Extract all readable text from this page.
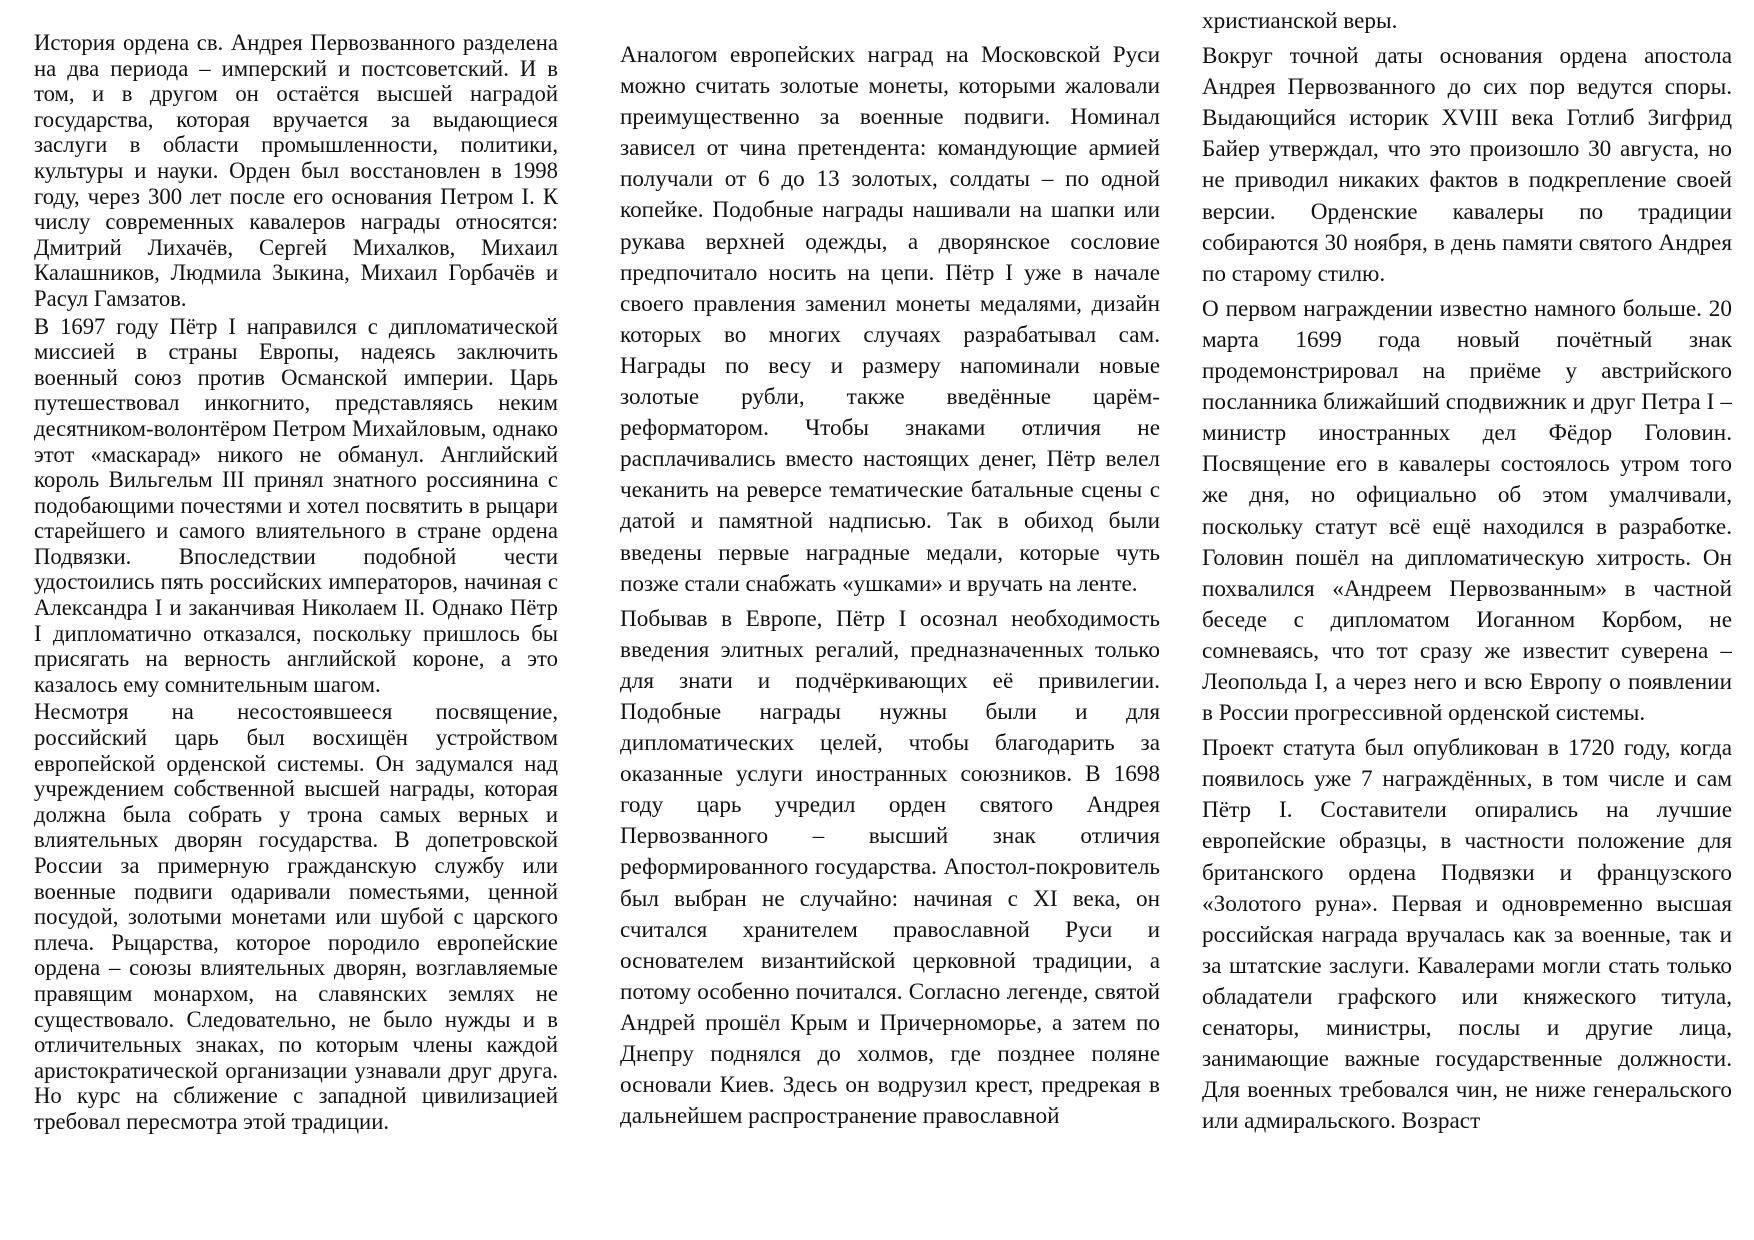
История ордена св. Андрея Первозванного разделена на два периода – имперский и постсоветский. И в том, и в другом он остаётся высшей наградой государства, которая вручается за выдающиеся заслуги в области промышленности, политики, культуры и науки. Орден был восстановлен в 1998 году, через 300 лет после его основания Петром I. К числу современных кавалеров награды относятся: Дмитрий Лихачёв, Сергей Михалков, Михаил Калашников, Людмила Зыкина, Михаил Горбачёв и Расул Гамзатов.

В 1697 году Пётр I направился с дипломатической миссией в страны Европы, надеясь заключить военный союз против Османской империи. Царь путешествовал инкогнито, представляясь неким десятником-волонтёром Петром Михайловым, однако этот «маскарад» никого не обманул. Английский король Вильгельм III принял знатного россиянина с подобающими почестями и хотел посвятить в рыцари старейшего и самого влиятельного в стране ордена Подвязки. Впоследствии подобной чести удостоились пять российских императоров, начиная с Александра I и заканчивая Николаем II. Однако Пётр I дипломатично отказался, поскольку пришлось бы присягать на верность английской короне, а это казалось ему сомнительным шагом.

Несмотря на несостоявшееся посвящение, российский царь был восхищён устройством европейской орденской системы. Он задумался над учреждением собственной высшей награды, которая должна была собрать у трона самых верных и влиятельных дворян государства. В допетровской России за примерную гражданскую службу или военные подвиги одаривали поместьями, ценной посудой, золотыми монетами или шубой с царского плеча. Рыцарства, которое породило европейские ордена – союзы влиятельных дворян, возглавляемые правящим монархом, на славянских землях не существовало. Следовательно, не было нужды и в отличительных знаках, по которым члены каждой аристократической организации узнавали друг друга. Но курс на сближение с западной цивилизацией требовал пересмотра этой традиции.

Аналогом европейских наград на Московской Руси можно считать золотые монеты, которыми жаловали преимущественно за военные подвиги. Номинал зависел от чина претендента: командующие армией получали от 6 до 13 золотых, солдаты – по одной копейке. Подобные награды нашивали на шапки или рукава верхней одежды, а дворянское сословие предпочитало носить на цепи. Пётр I уже в начале своего правления заменил монеты медалями, дизайн которых во многих случаях разрабатывал сам. Награды по весу и размеру напоминали новые золотые рубли, также введённые царём-реформатором. Чтобы знаками отличия не расплачивались вместо настоящих денег, Пётр велел чеканить на реверсе тематические батальные сцены с датой и памятной надписью. Так в обиход были введены первые наградные медали, которые чуть позже стали снабжать «ушками» и вручать на ленте.

Побывав в Европе, Пётр I осознал необходимость введения элитных регалий, предназначенных только для знати и подчёркивающих её привилегии. Подобные награды нужны были и для дипломатических целей, чтобы благодарить за оказанные услуги иностранных союзников. В 1698 году царь учредил орден святого Андрея Первозванного – высший знак отличия реформированного государства. Апостол-покровитель был выбран не случайно: начиная с XI века, он считался хранителем православной Руси и основателем византийской церковной традиции, а потому особенно почитался. Согласно легенде, святой Андрей прошёл Крым и Причерноморье, а затем по Днепру поднялся до холмов, где позднее поляне основали Киев. Здесь он водрузил крест, предрекая в дальнейшем распространение православной

христианской веры.

Вокруг точной даты основания ордена апостола Андрея Первозванного до сих пор ведутся споры. Выдающийся историк XVIII века Готлиб Зигфрид Байер утверждал, что это произошло 30 августа, но не приводил никаких фактов в подкрепление своей версии. Орденские кавалеры по традиции собираются 30 ноября, в день памяти святого Андрея по старому стилю.

О первом награждении известно намного больше. 20 марта 1699 года новый почётный знак продемонстрировал на приёме у австрийского посланника ближайший сподвижник и друг Петра I – министр иностранных дел Фёдор Головин. Посвящение его в кавалеры состоялось утром того же дня, но официально об этом умалчивали, поскольку статут всё ещё находился в разработке. Головин пошёл на дипломатическую хитрость. Он похвалился «Андреем Первозванным» в частной беседе с дипломатом Иоганном Корбом, не сомневаясь, что тот сразу же известит суверена – Леопольда I, а через него и всю Европу о появлении в России прогрессивной орденской системы.

Проект статута был опубликован в 1720 году, когда появилось уже 7 награждённых, в том числе и сам Пётр I. Составители опирались на лучшие европейские образцы, в частности положение для британского ордена Подвязки и французского «Золотого руна». Первая и одновременно высшая российская награда вручалась как за военные, так и за штатские заслуги. Кавалерами могли стать только обладатели графского или княжеского титула, сенаторы, министры, послы и другие лица, занимающие важные государственные должности. Для военных требовался чин, не ниже генеральского или адмиральского. Возраст
